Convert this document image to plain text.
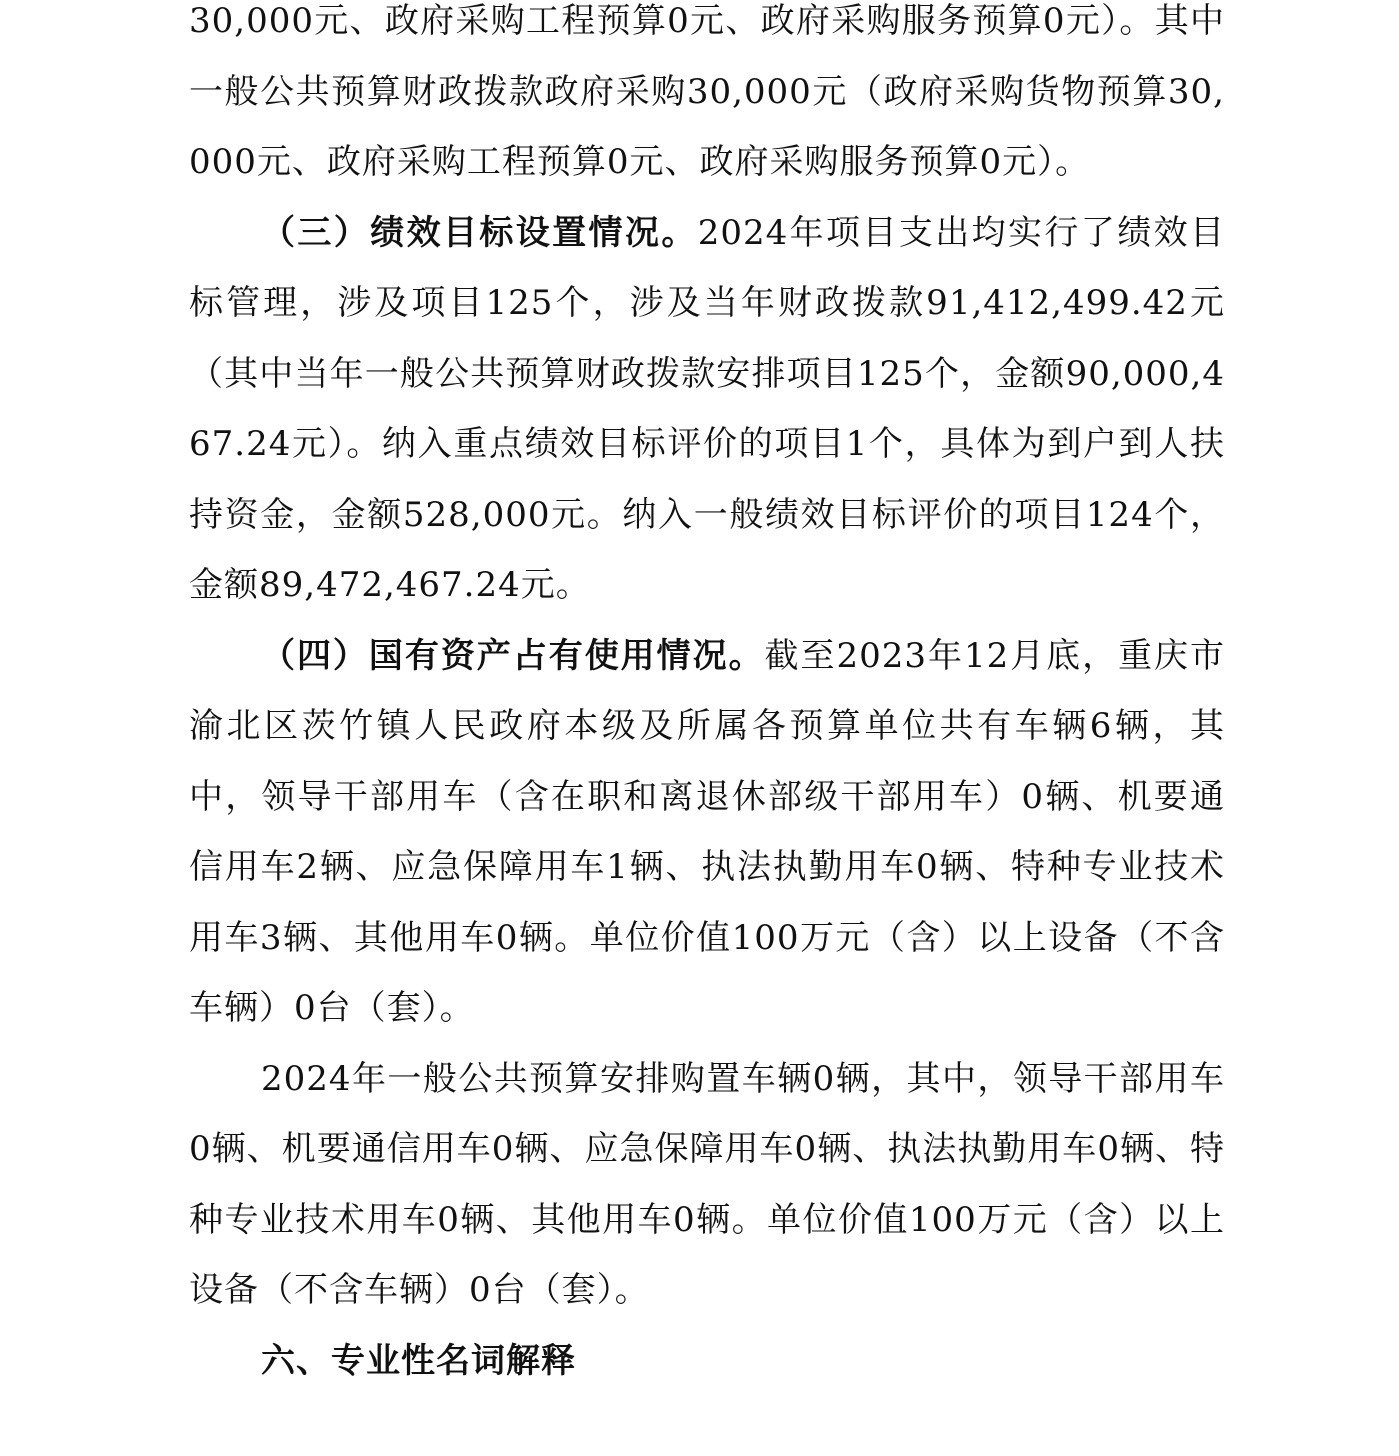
30,000元、政府采购工程预算0元、政府采购服务预算0元）。其中一般公共预算财政拨款政府采购30,000元（政府采购货物预算30,000元、政府采购工程预算0元、政府采购服务预算0元）。

（三）绩效目标设置情况。2024年项目支出均实行了绩效目标管理，涉及项目125个，涉及当年财政拨款91,412,499.42元（其中当年一般公共预算财政拨款安排项目125个，金额90,000,467.24元）。纳入重点绩效目标评价的项目1个，具体为到户到人扶持资金，金额528,000元。纳入一般绩效目标评价的项目124个，金额89,472,467.24元。

（四）国有资产占有使用情况。截至2023年12月底，重庆市渝北区茨竹镇人民政府本级及所属各预算单位共有车辆6辆，其中，领导干部用车（含在职和离退休部级干部用车）0辆、机要通信用车2辆、应急保障用车1辆、执法执勤用车0辆、特种专业技术用车3辆、其他用车0辆。单位价值100万元（含）以上设备（不含车辆）0台（套）。

2024年一般公共预算安排购置车辆0辆，其中，领导干部用车0辆、机要通信用车0辆、应急保障用车0辆、执法执勤用车0辆、特种专业技术用车0辆、其他用车0辆。单位价值100万元（含）以上设备（不含车辆）0台（套）。

六、专业性名词解释
